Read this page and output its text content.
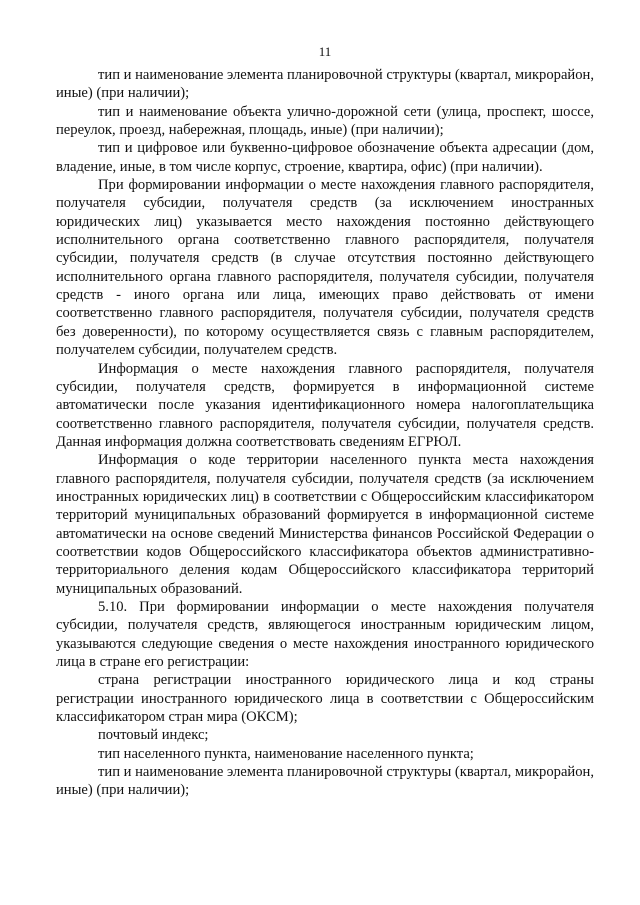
11

тип и наименование элемента планировочной структуры (квартал, микрорайон, иные) (при наличии);

тип и наименование объекта улично-дорожной сети (улица, проспект, шоссе, переулок, проезд, набережная, площадь, иные) (при наличии);

тип и цифровое или буквенно-цифровое обозначение объекта адресации (дом, владение, иные, в том числе корпус, строение, квартира, офис) (при наличии).

При формировании информации о месте нахождения главного распорядителя, получателя субсидии, получателя средств (за исключением иностранных юридических лиц) указывается место нахождения постоянно действующего исполнительного органа соответственно главного распорядителя, получателя субсидии, получателя средств (в случае отсутствия постоянно действующего исполнительного органа главного распорядителя, получателя субсидии, получателя средств - иного органа или лица, имеющих право действовать от имени соответственно главного распорядителя, получателя субсидии, получателя средств без доверенности), по которому осуществляется связь с главным распорядителем, получателем субсидии, получателем средств.

Информация о месте нахождения главного распорядителя, получателя субсидии, получателя средств, формируется в информационной системе автоматически после указания идентификационного номера налогоплательщика соответственно главного распорядителя, получателя субсидии, получателя средств. Данная информация должна соответствовать сведениям ЕГРЮЛ.

Информация о коде территории населенного пункта места нахождения главного распорядителя, получателя субсидии, получателя средств (за исключением иностранных юридических лиц) в соответствии с Общероссийским классификатором территорий муниципальных образований формируется в информационной системе автоматически на основе сведений Министерства финансов Российской Федерации о соответствии кодов Общероссийского классификатора объектов административно-территориального деления кодам Общероссийского классификатора территорий муниципальных образований.

5.10. При формировании информации о месте нахождения получателя субсидии, получателя средств, являющегося иностранным юридическим лицом, указываются следующие сведения о месте нахождения иностранного юридического лица в стране его регистрации:

страна регистрации иностранного юридического лица и код страны регистрации иностранного юридического лица в соответствии с Общероссийским классификатором стран мира (ОКСМ);

почтовый индекс;

тип населенного пункта, наименование населенного пункта;

тип и наименование элемента планировочной структуры (квартал, микрорайон, иные) (при наличии);
